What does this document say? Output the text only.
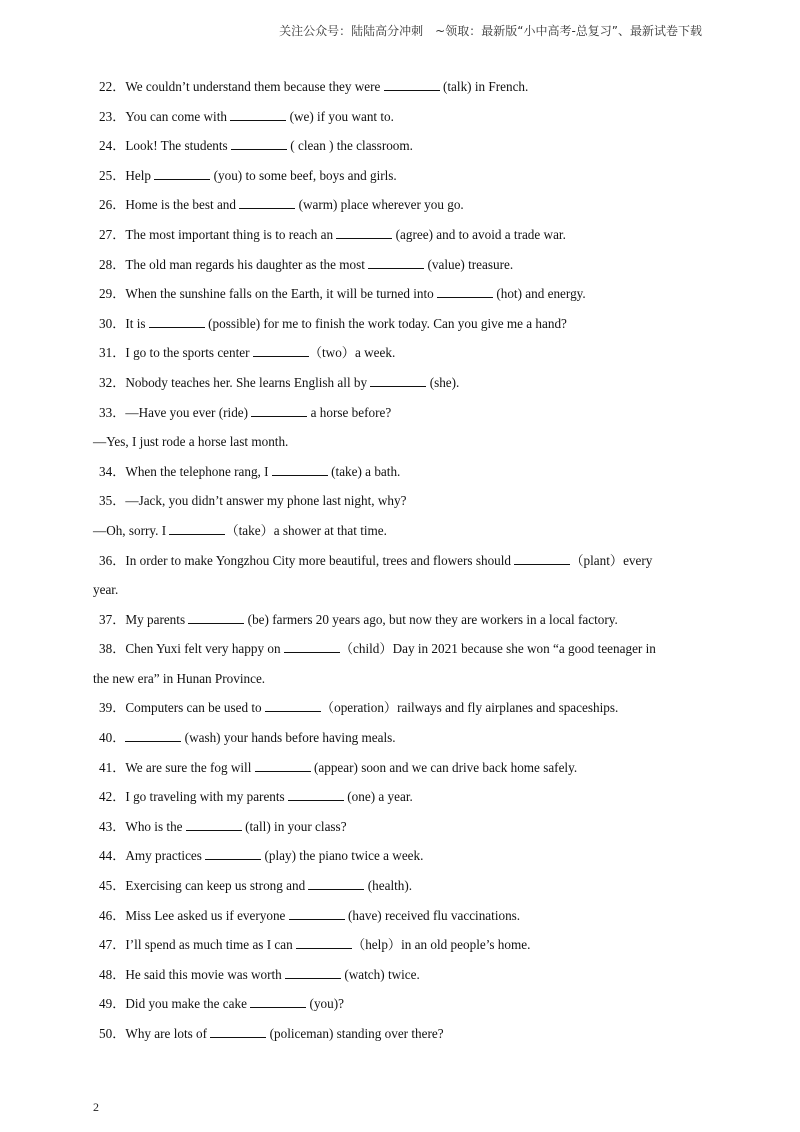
关注公众号：陆陆高分冲刺　~领取：最新版“小中高考-总复习”、最新试卷下载
22．We couldn’t understand them because they were	(talk) in French.
23．You can come with	(we) if you want to.
24．Look! The students	( clean ) the classroom.
25．Help	(you) to some beef, boys and girls.
26．Home is the best and	(warm) place wherever you go.
27．The most important thing is to reach an	(agree) and to avoid a trade war.
28．The old man regards his daughter as the most	(value) treasure.
29．When the sunshine falls on the Earth, it will be turned into	(hot) and energy.
30．It is	(possible) for me to finish the work today. Can you give me a hand?
31．I go to the sports center	（two）a week.
32．Nobody teaches her. She learns English all by	(she).
33．—Have you ever (ride)	a horse before?
—Yes, I just rode a horse last month.
34．When the telephone rang, I	(take) a bath.
35．—Jack, you didn’t answer my phone last night, why?
—Oh, sorry. I	（take）a shower at that time.
36．In order to make Yongzhou City more beautiful, trees and flowers should	（plant）every
year.
37．My parents	(be) farmers 20 years ago, but now they are workers in a local factory.
38．Chen Yuxi felt very happy on	（child）Day in 2021 because she won “a good teenager in
the new era” in Hunan Province.
39．Computers can be used to	（operation）railways and fly airplanes and spaceships.
40．	(wash) your hands before having meals.
41．We are sure the fog will	(appear) soon and we can drive back home safely.
42．I go traveling with my parents	(one) a year.
43．Who is the	(tall) in your class?
44．Amy practices	(play) the piano twice a week.
45．Exercising can keep us strong and	(health).
46．Miss Lee asked us if everyone	(have) received flu vaccinations.
47．I’ll spend as much time as I can	（help）in an old people’s home.
48．He said this movie was worth	(watch) twice.
49．Did you make the cake	(you)?
50．Why are lots of	(policeman) standing over there?
2
